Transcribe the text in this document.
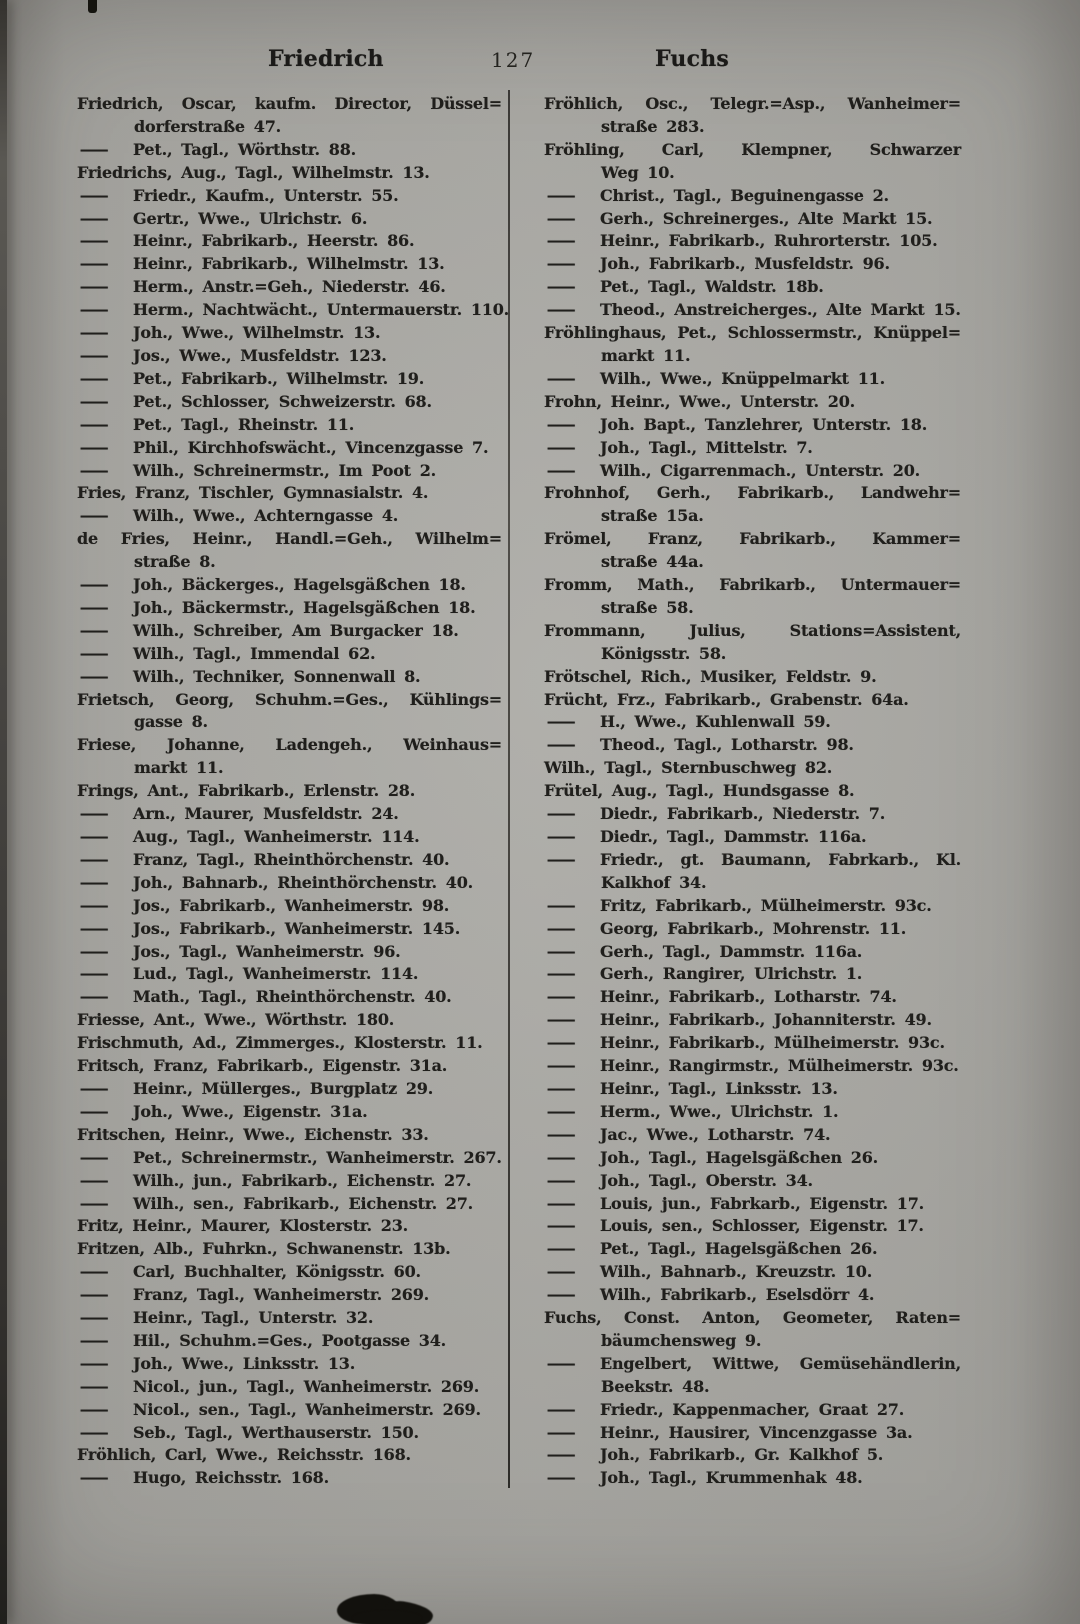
Friedrich	127	Fuchs
Friedrich, Oscar, kaufm. Director, Düssel=
dorferstraße 47.
— Pet., Tagl., Wörthstr. 88.
Friedrichs, Aug., Tagl., Wilhelmstr. 13.
— Friedr., Kaufm., Unterstr. 55.
— Gertr., Wwe., Ulrichstr. 6.
— Heinr., Fabrikarb., Heerstr. 86.
— Heinr., Fabrikarb., Wilhelmstr. 13.
— Herm., Anstr.=Geh., Niederstr. 46.
— Herm., Nachtwächt., Untermauerstr. 110.
— Joh., Wwe., Wilhelmstr. 13.
— Jos., Wwe., Musfeldstr. 123.
— Pet., Fabrikarb., Wilhelmstr. 19.
— Pet., Schlosser, Schweizerstr. 68.
— Pet., Tagl., Rheinstr. 11.
— Phil., Kirchhofswächt., Vincenzgasse 7.
— Wilh., Schreinermstr., Im Poot 2.
Fries, Franz, Tischler, Gymnasialstr. 4.
— Wilh., Wwe., Achterngasse 4.
de Fries, Heinr., Handl.=Geh., Wilhelm=
straße 8.
— Joh., Bäckerges., Hagelsgäßchen 18.
— Joh., Bäckermstr., Hagelsgäßchen 18.
— Wilh., Schreiber, Am Burgacker 18.
— Wilh., Tagl., Immendal 62.
— Wilh., Techniker, Sonnenwall 8.
Frietsch, Georg, Schuhm.=Ges., Kühlings=
gasse 8.
Friese, Johanne, Ladengeh., Weinhaus=
markt 11.
Frings, Ant., Fabrikarb., Erlenstr. 28.
— Arn., Maurer, Musfeldstr. 24.
— Aug., Tagl., Wanheimerstr. 114.
— Franz, Tagl., Rheinthörchenstr. 40.
— Joh., Bahnarb., Rheinthörchenstr. 40.
— Jos., Fabrikarb., Wanheimerstr. 98.
— Jos., Fabrikarb., Wanheimerstr. 145.
— Jos., Tagl., Wanheimerstr. 96.
— Lud., Tagl., Wanheimerstr. 114.
— Math., Tagl., Rheinthörchenstr. 40.
Friesse, Ant., Wwe., Wörthstr. 180.
Frischmuth, Ad., Zimmerges., Klosterstr. 11.
Fritsch, Franz, Fabrikarb., Eigenstr. 31a.
— Heinr., Müllerges., Burgplatz 29.
— Joh., Wwe., Eigenstr. 31a.
Fritschen, Heinr., Wwe., Eichenstr. 33.
— Pet., Schreinermstr., Wanheimerstr. 267.
— Wilh., jun., Fabrikarb., Eichenstr. 27.
— Wilh., sen., Fabrikarb., Eichenstr. 27.
Fritz, Heinr., Maurer, Klosterstr. 23.
Fritzen, Alb., Fuhrkn., Schwanenstr. 13b.
— Carl, Buchhalter, Königsstr. 60.
— Franz, Tagl., Wanheimerstr. 269.
— Heinr., Tagl., Unterstr. 32.
— Hil., Schuhm.=Ges., Pootgasse 34.
— Joh., Wwe., Linksstr. 13.
— Nicol., jun., Tagl., Wanheimerstr. 269.
— Nicol., sen., Tagl., Wanheimerstr. 269.
— Seb., Tagl., Werthauserstr. 150.
Fröhlich, Carl, Wwe., Reichsstr. 168.
— Hugo, Reichsstr. 168.
Fröhlich, Osc., Telegr.=Asp., Wanheimer=
straße 283.
Fröhling, Carl, Klempner, Schwarzer
Weg 10.
— Christ., Tagl., Beguinengasse 2.
— Gerh., Schreinerges., Alte Markt 15.
— Heinr., Fabrikarb., Ruhrorterstr. 105.
— Joh., Fabrikarb., Musfeldstr. 96.
— Pet., Tagl., Waldstr. 18b.
— Theod., Anstreicherges., Alte Markt 15.
Fröhlinghaus, Pet., Schlossermstr., Knüppel=
markt 11.
— Wilh., Wwe., Knüppelmarkt 11.
Frohn, Heinr., Wwe., Unterstr. 20.
— Joh. Bapt., Tanzlehrer, Unterstr. 18.
— Joh., Tagl., Mittelstr. 7.
— Wilh., Cigarrenmach., Unterstr. 20.
Frohnhof, Gerh., Fabrikarb., Landwehr=
straße 15a.
Frömel, Franz, Fabrikarb., Kammer=
straße 44a.
Fromm, Math., Fabrikarb., Untermauer=
straße 58.
Frommann, Julius, Stations=Assistent,
Königsstr. 58.
Frötschel, Rich., Musiker, Feldstr. 9.
Frücht, Frz., Fabrikarb., Grabenstr. 64a.
— H., Wwe., Kuhlenwall 59.
— Theod., Tagl., Lotharstr. 98.
Wilh., Tagl., Sternbuschweg 82.
Frütel, Aug., Tagl., Hundsgasse 8.
— Diedr., Fabrikarb., Niederstr. 7.
— Diedr., Tagl., Dammstr. 116a.
— Friedr., gt. Baumann, Fabrkarb., Kl.
Kalkhof 34.
— Fritz, Fabrikarb., Mülheimerstr. 93c.
— Georg, Fabrikarb., Mohrenstr. 11.
— Gerh., Tagl., Dammstr. 116a.
— Gerh., Rangirer, Ulrichstr. 1.
— Heinr., Fabrikarb., Lotharstr. 74.
— Heinr., Fabrikarb., Johanniterstr. 49.
— Heinr., Fabrikarb., Mülheimerstr. 93c.
— Heinr., Rangirmstr., Mülheimerstr. 93c.
— Heinr., Tagl., Linksstr. 13.
— Herm., Wwe., Ulrichstr. 1.
— Jac., Wwe., Lotharstr. 74.
— Joh., Tagl., Hagelsgäßchen 26.
— Joh., Tagl., Oberstr. 34.
— Louis, jun., Fabrkarb., Eigenstr. 17.
— Louis, sen., Schlosser, Eigenstr. 17.
— Pet., Tagl., Hagelsgäßchen 26.
— Wilh., Bahnarb., Kreuzstr. 10.
— Wilh., Fabrikarb., Eselsdörr 4.
Fuchs, Const. Anton, Geometer, Raten=
bäumchensweg 9.
— Engelbert, Wittwe, Gemüsehändlerin,
Beekstr. 48.
— Friedr., Kappenmacher, Graat 27.
— Heinr., Hausirer, Vincenzgasse 3a.
— Joh., Fabrikarb., Gr. Kalkhof 5.
— Joh., Tagl., Krummenhak 48.
